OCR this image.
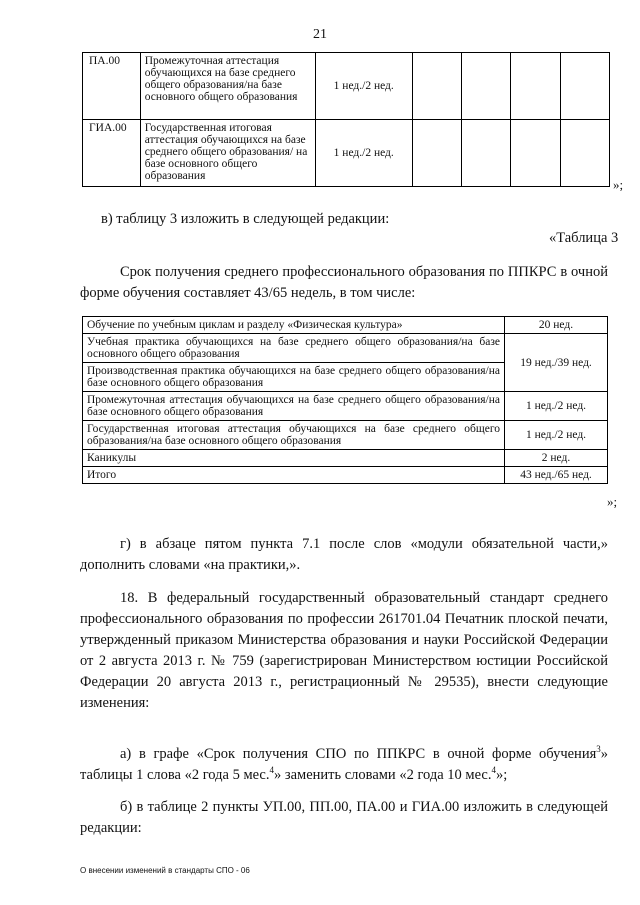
21
ПА.00	Промежуточная аттестация обучающихся на базе среднего общего образования/на базе основного общего образования	1 нед./2 нед.				
ГИА.00	Государственная итоговая аттестация обучающихся на базе среднего общего образования/ на базе основного общего образования	1 нед./2 нед.				
»;
в) таблицу 3 изложить в следующей редакции:
«Таблица 3
Срок получения среднего профессионального образования по ППКРС в очной форме обучения составляет 43/65 недель, в том числе:
Обучение по учебным циклам и разделу «Физическая культура»	20 нед.
Учебная практика обучающихся на базе среднего общего образования/на базе основного общего образования	19 нед./39 нед.
Производственная практика обучающихся на базе среднего общего образования/на базе основного общего образования	
Промежуточная аттестация обучающихся на базе среднего общего образования/на базе основного общего образования	1 нед./2 нед.
Государственная итоговая аттестация обучающихся на базе среднего общего образования/на базе основного общего образования	1 нед./2 нед.
Каникулы	2 нед.
Итого	43 нед./65 нед.
»;
г) в абзаце пятом пункта 7.1 после слов «модули обязательной части,» дополнить словами «на практики,».
18. В федеральный государственный образовательный стандарт среднего профессионального образования по профессии 261701.04 Печатник плоской печати, утвержденный приказом Министерства образования и науки Российской Федерации от 2 августа 2013 г. № 759 (зарегистрирован Министерством юстиции Российской Федерации 20 августа 2013 г., регистрационный № 29535), внести следующие изменения:
а) в графе «Срок получения СПО по ППКРС в очной форме обучения$^3$» таблицы 1 слова «2 года 5 мес.$^4$» заменить словами «2 года 10 мес.$^4$»;
б) в таблице 2 пункты УП.00, ПП.00, ПА.00 и ГИА.00 изложить в следующей редакции:
О внесении изменений в стандарты СПО - 06
